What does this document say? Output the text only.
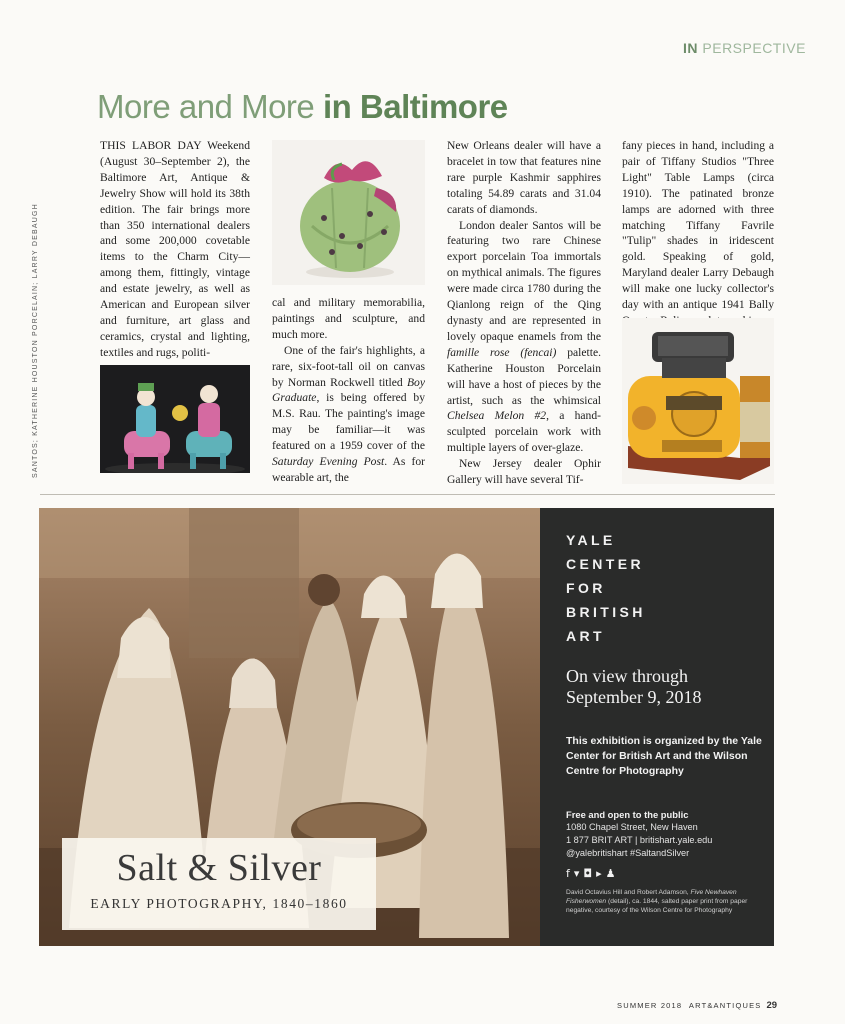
IN PERSPECTIVE
More and More in Baltimore
SANTOS; KATHERINE HOUSTON PORCELAIN; LARRY DEBAUGH

THIS LABOR DAY Weekend (August 30–September 2), the Baltimore Art, Antique & Jewelry Show will hold its 38th edition. The fair brings more than 350 international dealers and some 200,000 covetable items to the Charm City—among them, fittingly, vintage and estate jewelry, as well as American and European silver and furniture, art glass and ceramics, crystal and lighting, textiles and rugs, politi-

cal and military memorabilia, paintings and sculpture, and much more.

One of the fair's highlights, a rare, six-foot-tall oil on canvas by Norman Rockwell titled Boy Graduate, is being offered by M.S. Rau. The painting's image may be familiar—it was featured on a 1959 cover of the Saturday Evening Post. As for wearable art, the

New Orleans dealer will have a bracelet in tow that features nine rare purple Kashmir sapphires totaling 54.89 carats and 31.04 carats of diamonds.

London dealer Santos will be featuring two rare Chinese export porcelain Toa immortals on mythical animals. The figures were made circa 1780 during the Qianlong reign of the Qing dynasty and are represented in lovely opaque enamels from the famille rose (fencai) palette. Katherine Houston Porcelain will have a host of pieces by the artist, such as the whimsical Chelsea Melon #2, a hand-sculpted porcelain work with multiple layers of over-glaze.

New Jersey dealer Ophir Gallery will have several Tif-

fany pieces in hand, including a pair of Tiffany Studios "Three Light" Table Lamps (circa 1910). The patinated bronze lamps are adorned with three matching Tiffany Favrile "Tulip" shades in iridescent gold. Speaking of gold, Maryland dealer Larry Debaugh will make one lucky collector's day with an antique 1941 Bally

Salt & Silver
EARLY PHOTOGRAPHY, 1840–1860
YALE
CENTER
FOR
BRITISH
ART
On view through
September 9, 2018
This exhibition is organized by the Yale Center for British Art and the Wilson Centre for Photography
Free and open to the public
1080 Chapel Street, New Haven
1 877 BRIT ART | britishart.yale.edu
@yalebritishart #SaltandSilver
f▾◘▸♟
David Octavius Hill and Robert Adamson, Five Newhaven Fisherwomen (detail), ca. 1844, salted paper print from paper negative, courtesy of the Wilson Centre for Photography
SUMMER 2018 ART&ANTIQUES 29
